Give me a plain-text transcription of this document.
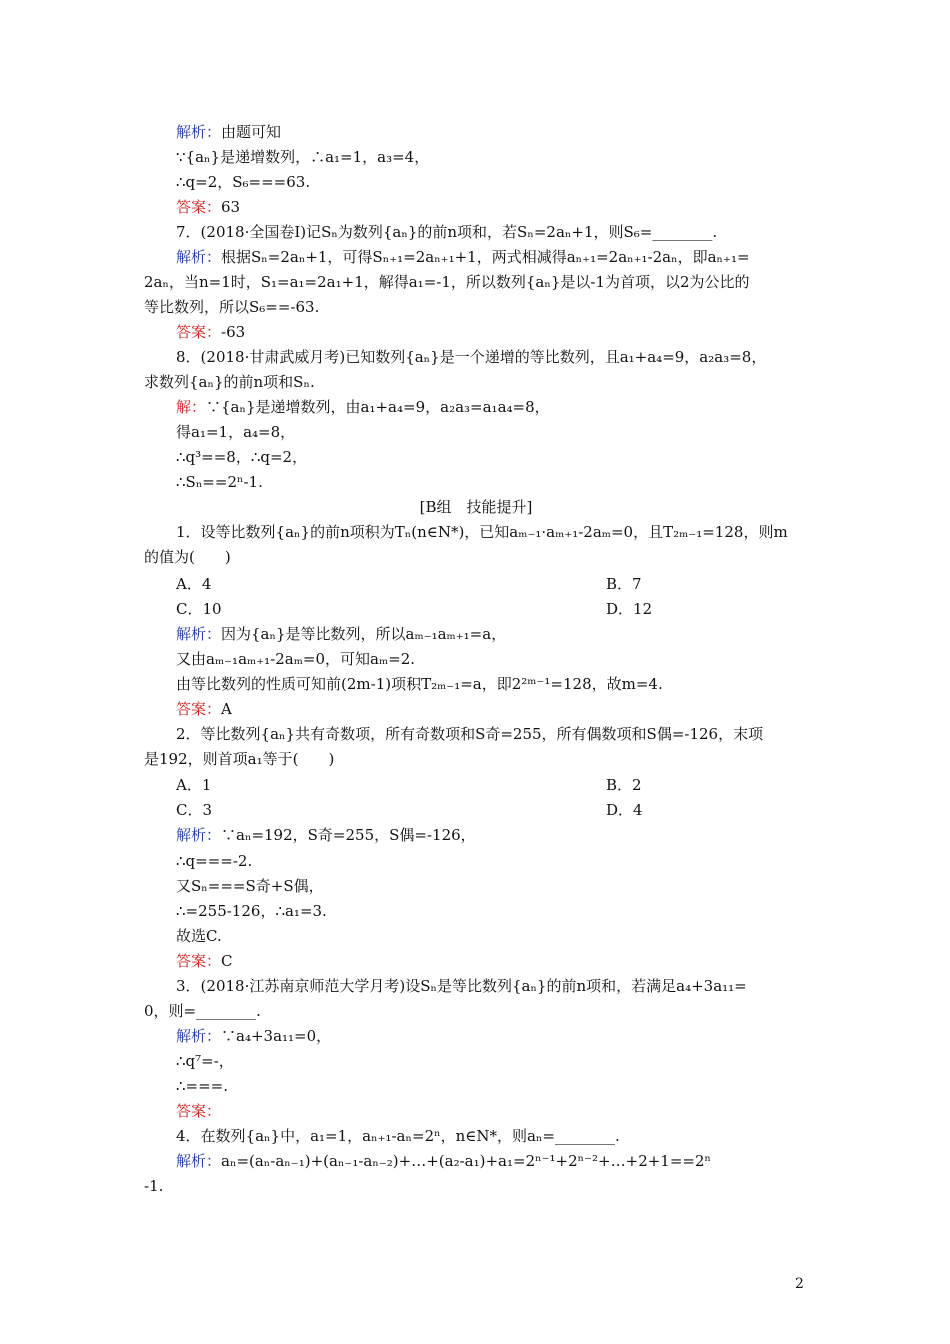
解析：由题可知
∵{aₙ}是递增数列，∴a₁=1，a₃=4，
∴q=2，S₆===63.
答案：63
7．(2018·全国卷Ⅰ)记Sₙ为数列{aₙ}的前n项和，若Sₙ=2aₙ+1，则S₆=________.
解析：根据Sₙ=2aₙ+1，可得Sₙ₊₁=2aₙ₊₁+1，两式相减得aₙ₊₁=2aₙ₊₁-2aₙ，即aₙ₊₁=
2aₙ，当n=1时，S₁=a₁=2a₁+1，解得a₁=-1，所以数列{aₙ}是以-1为首项，以2为公比的
等比数列，所以S₆==-63.
答案：-63
8．(2018·甘肃武威月考)已知数列{aₙ}是一个递增的等比数列，且a₁+a₄=9，a₂a₃=8，
求数列{aₙ}的前n项和Sₙ.
解：∵{aₙ}是递增数列，由a₁+a₄=9，a₂a₃=a₁a₄=8，
得a₁=1，a₄=8，
∴q³==8，∴q=2，
∴Sₙ==2ⁿ-1.
[B组　技能提升]
1．设等比数列{aₙ}的前n项积为Tₙ(n∈N*)，已知aₘ₋₁·aₘ₊₁-2aₘ=0，且T₂ₘ₋₁=128，则m
的值为(　　)
A．4	B．7
C．10	D．12
解析：因为{aₙ}是等比数列，所以aₘ₋₁aₘ₊₁=a，
又由aₘ₋₁aₘ₊₁-2aₘ=0，可知aₘ=2.
由等比数列的性质可知前(2m-1)项积T₂ₘ₋₁=a，即2²ᵐ⁻¹=128，故m=4.
答案：A
2．等比数列{aₙ}共有奇数项，所有奇数项和S奇=255，所有偶数项和S偶=-126，末项
是192，则首项a₁等于(　　)
A．1	B．2
C．3	D．4
解析：∵aₙ=192，S奇=255，S偶=-126，
∴q===-2.
又Sₙ===S奇+S偶，
∴=255-126，∴a₁=3.
故选C.
答案：C
3．(2018·江苏南京师范大学月考)设Sₙ是等比数列{aₙ}的前n项和，若满足a₄+3a₁₁=
0，则=________.
解析：∵a₄+3a₁₁=0，
∴q⁷=-，
∴===.
答案：
4．在数列{aₙ}中，a₁=1，aₙ₊₁-aₙ=2ⁿ，n∈N*，则aₙ=________.
解析：aₙ=(aₙ-aₙ₋₁)+(aₙ₋₁-aₙ₋₂)+…+(a₂-a₁)+a₁=2ⁿ⁻¹+2ⁿ⁻²+…+2+1==2ⁿ
-1.
2
